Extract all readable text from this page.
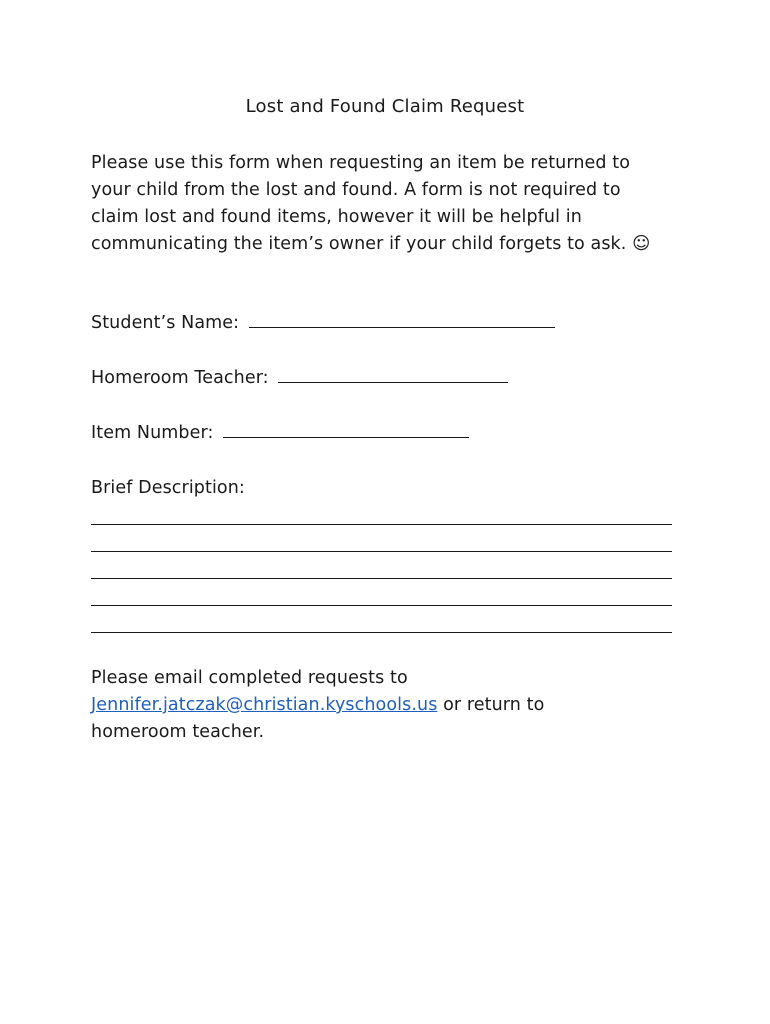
Lost and Found Claim Request
Please use this form when requesting an item be returned to
your child from the lost and found. A form is not required to
claim lost and found items, however it will be helpful in
communicating the item’s owner if your child forgets to ask. ☺
Student’s Name:
Homeroom Teacher:
Item Number:
Brief Description:
Please email completed requests to
Jennifer.jatczak@christian.kyschools.us or return to
homeroom teacher.
